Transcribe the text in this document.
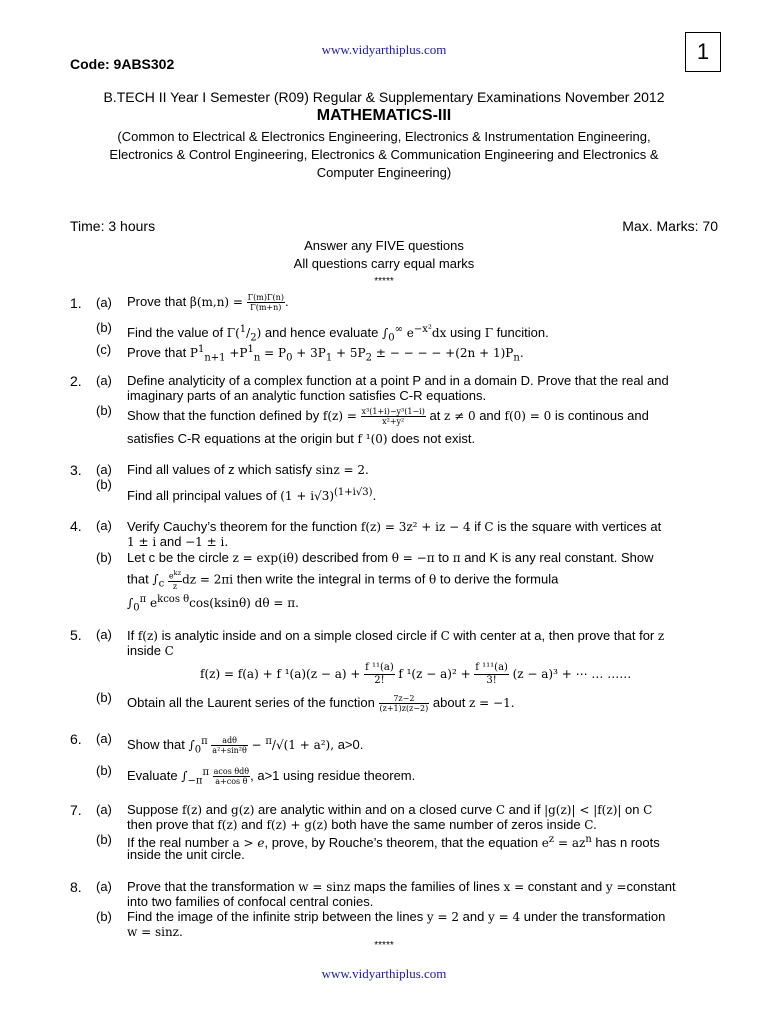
www.vidyarthiplus.com
Code: 9ABS302	1
B.TECH II Year I Semester (R09) Regular & Supplementary Examinations November 2012
MATHEMATICS-III
(Common to Electrical & Electronics Engineering, Electronics & Instrumentation Engineering,
Electronics & Control Engineering, Electronics & Communication Engineering and Electronics &
Computer Engineering)
Time: 3 hours	Max. Marks: 70
Answer any FIVE questions
All questions carry equal marks
*****
1. (a) Prove that $\beta(m,n) = \frac{\Gamma(m)\Gamma(n)}{\Gamma(m+n)}$ .
(b) Find the value of $\Gamma(^1/_2)$ and hence evaluate $\int_0^\infty$ $e^{-x^2}dx$ using Γ funcition.
(c) Prove that $P^1_{n+1} +P^1_n = P_0 + 3P_1 + 5P_2$ ± − − − − $+(2n + 1)P_n$.
2. (a) Define analyticity of a complex function at a point P and in a domain D. Prove that the real and
imaginary parts of an analytic function satisfies C-R equations.
(b) Show that the function defined by $f(z) = \frac{\text{x³(1+i)−y³(1−i)}}{\text{x²+y²}}$ at z ≠ 0 and f(0) = 0 is continous and
satisfies C-R equations at the origin but f ¹(0) does not exist.
3. (a) Find all values of z which satisfy sinz = 2.
(b)
Find all principal values of $(1 + i√3)^{(1+i√3)}$.
4. (a) Verify Cauchy’s theorem for the function f(z) = 3z² + iz − 4 if C is the square with vertices at
1 ± i and −1 ± i.
(b) Let c be the circle z = exp(iθ) described from θ = −π to π and K is any real constant. Show
that $\int_c \frac{e^{kz}}{z}$ dz = 2πi then write the integral in terms of θ to derive the formula
$\int_0^\pi$ $e^{kcos \theta}\cos(ksin\theta) d\theta = \pi$.
5. (a) If f(z) is analytic inside and on a simple closed circle if C with center at a, then prove that for z
inside C
f(z) = f(a) + f $^1(a)(z - a) + \frac{\text{f ¹¹(a)}}{2!}$ f $^1(z - a)^2 + \frac{\text{f ¹¹¹(a)}}{3!} (z - a)^3$ + ⋯ … ……
(b) Obtain all the Laurent series of the function $\frac{7z-2}{(z+1)z(z-2)}$ about z = −1.
6. (a) Show that $\int_0^\pi \frac{\text{adθ}}{\text{a²+sin²θ}} - ^\pi/√(1 + a^2)$, a>0.
(b) Evaluate $\int_{-\pi}^\pi \frac{\text{acos θdθ}}{\text{a+cos θ}}$ , a>1 using residue theorem.
7. (a) Suppose f(z) and g(z) are analytic within and on a closed curve C and if |g(z)| < |f(z)| on C
then prove that f(z) and f(z) + g(z) both have the same number of zeros inside C.
(b) If the real number a > e, prove, by Rouche’s theorem, that the equation $e^z = az^n$ has n roots
inside the unit circle.
8. (a) Prove that the transformation w = sinz maps the families of lines x = constant and y =constant
into two families of confocal central conies.
(b) Find the image of the infinite strip between the lines y = 2 and y = 4 under the transformation
w = sinz.
*****
www.vidyarthiplus.com
